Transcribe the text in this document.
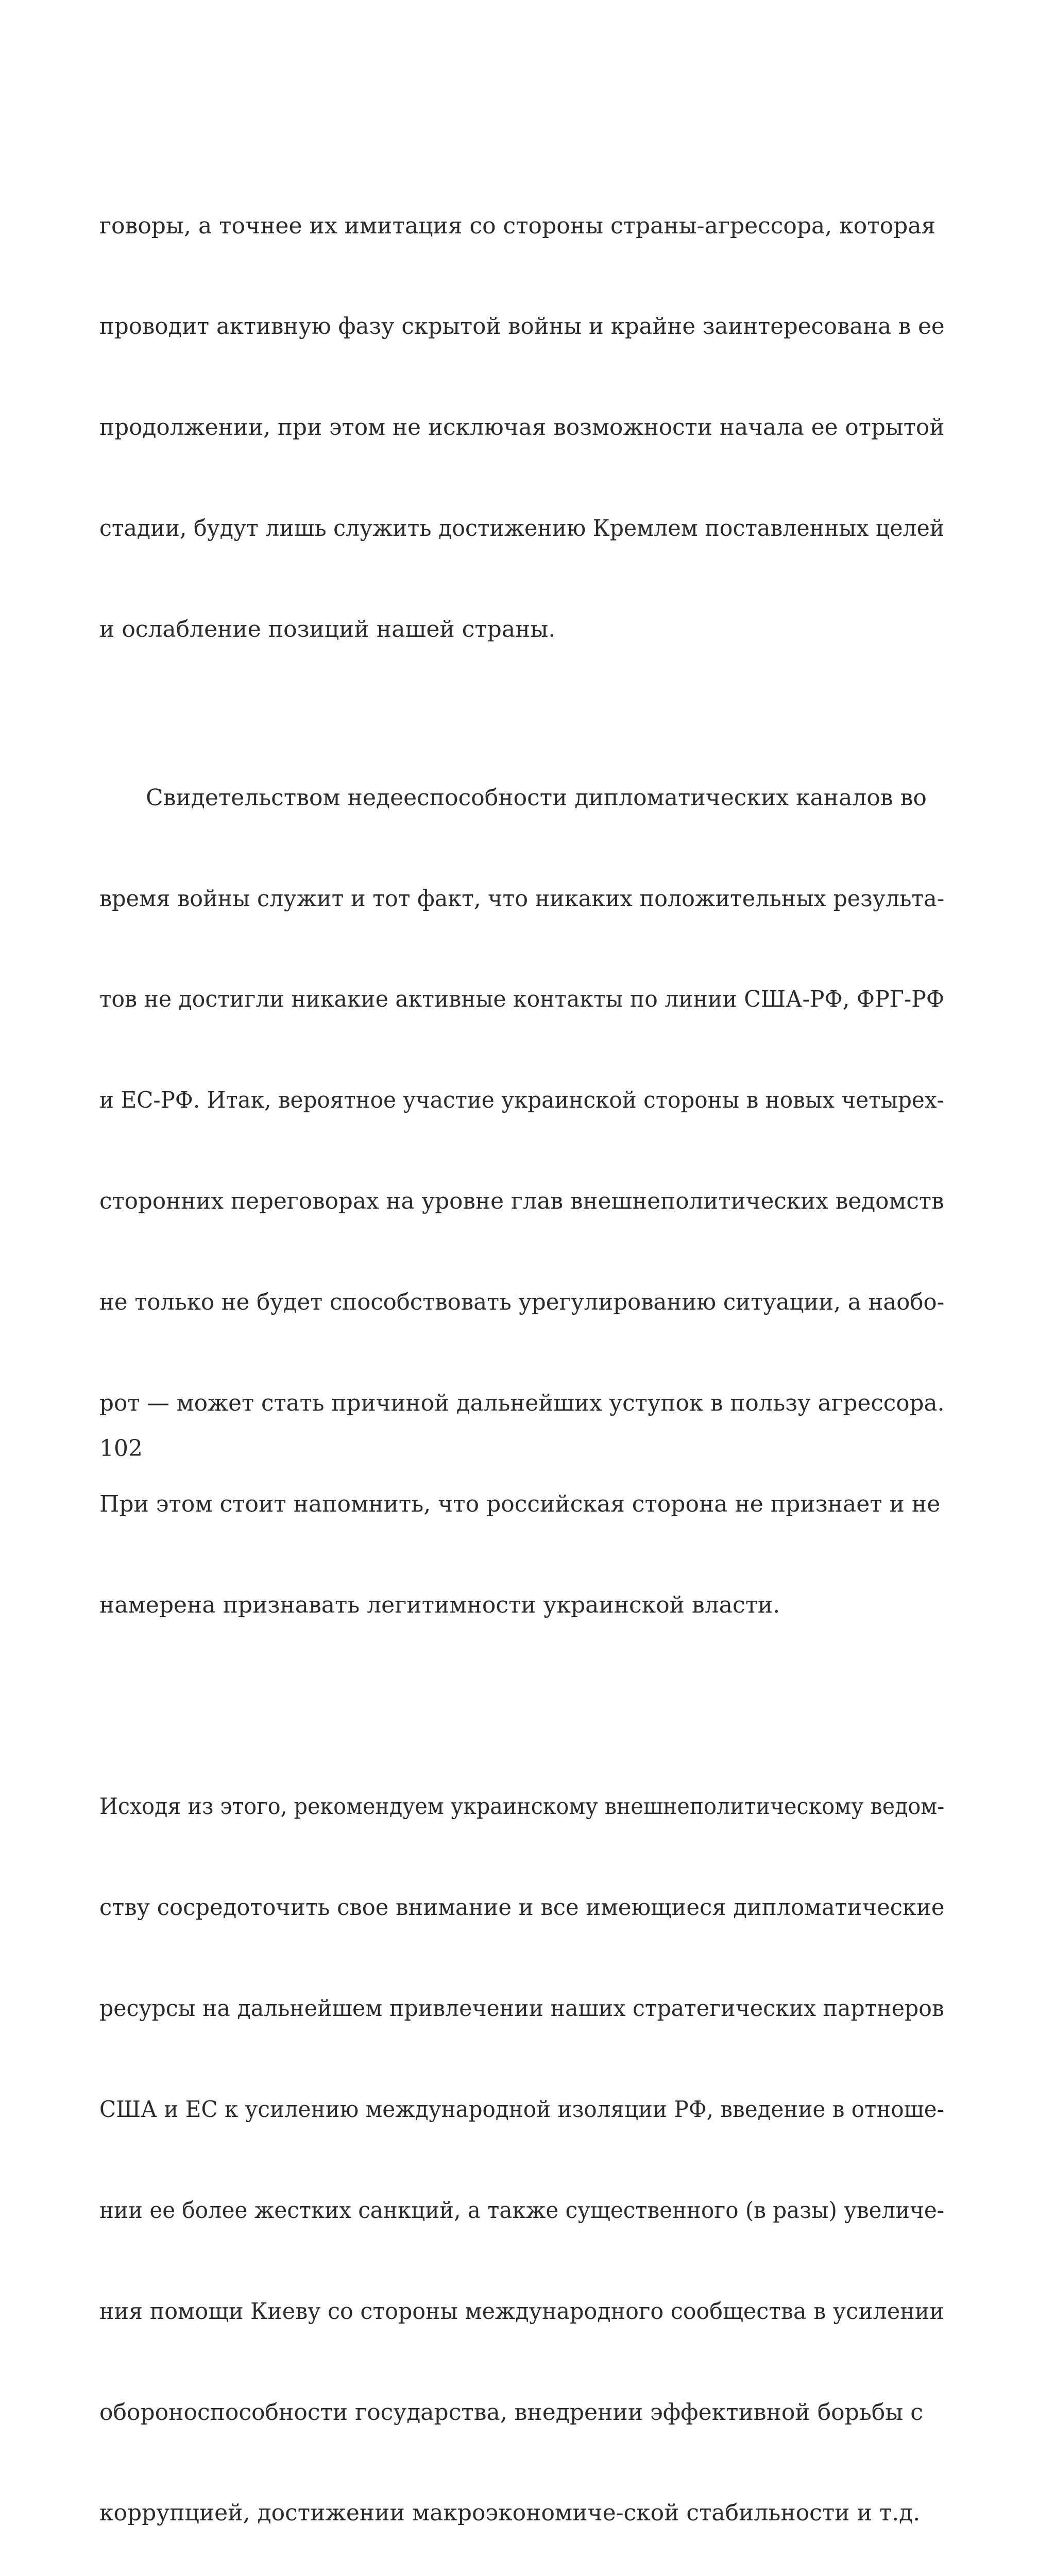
говоры, а точнее их имитация со стороны страны-агрессора, которая

проводит активную фазу скрытой войны и крайне заинтересована в ее

продолжении, при этом не исключая возможности начала ее отрытой

стадии, будут лишь служить достижению Кремлем поставленных целей

и ослабление позиций нашей страны.

Свидетельством недееспособности дипломатических каналов во

время войны служит и тот факт, что никаких положительных результа-

тов не достигли никакие активные контакты по линии США-РФ, ФРГ-РФ

и ЕС-РФ. Итак, вероятное участие украинской стороны в новых четырех-

сторонних переговорах на уровне глав внешнеполитических ведомств

не только не будет способствовать урегулированию ситуации, а наобо-

рот — может стать причиной дальнейших уступок в пользу агрессора.

При этом стоит напомнить, что российская сторона не признает и не

намерена признавать легитимности украинской власти.

Исходя из этого, рекомендуем украинскому внешнеполитическому ведом-

ству сосредоточить свое внимание и все имеющиеся дипломатические

ресурсы на дальнейшем привлечении наших стратегических партнеров

США и ЕС к усилению международной изоляции РФ, введение в отноше-

нии ее более жестких санкций, а также существенного (в разы) увеличе-

ния помощи Киеву со стороны международного сообщества в усилении

обороноспособности государства, внедрении эффективной борьбы с

коррупцией, достижении макроэкономиче-ской стабильности и т.д.

102
